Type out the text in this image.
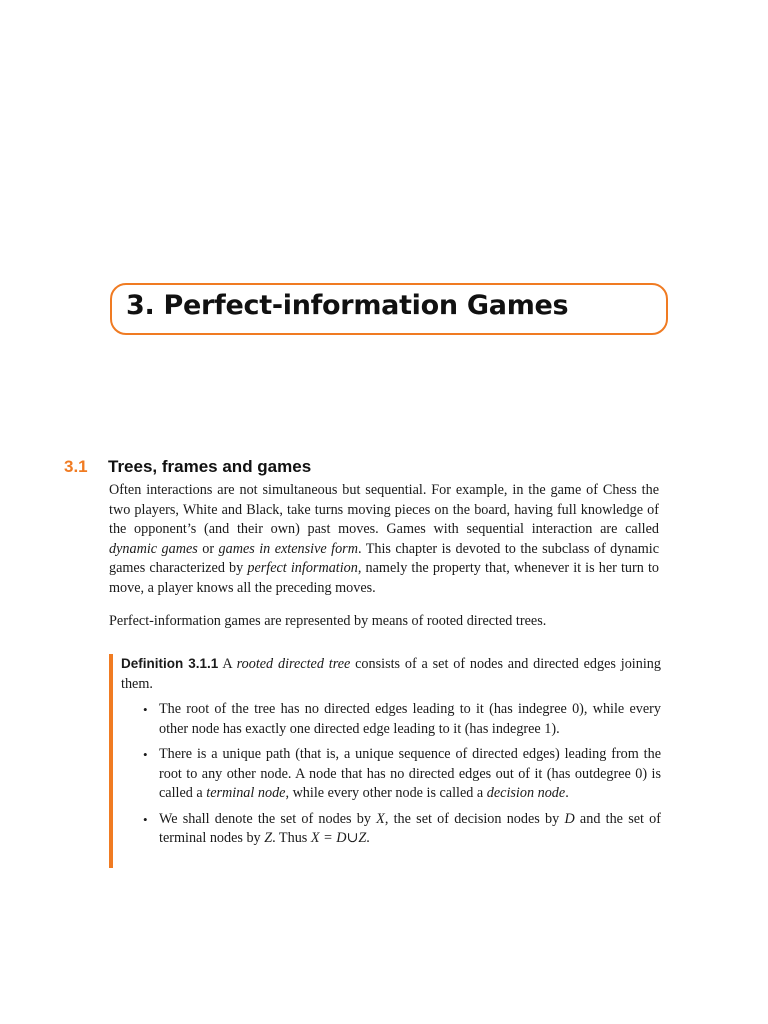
3. Perfect-information Games
3.1 Trees, frames and games

Often interactions are not simultaneous but sequential. For example, in the game of Chess the two players, White and Black, take turns moving pieces on the board, having full knowledge of the opponent’s (and their own) past moves. Games with sequential interaction are called dynamic games or games in extensive form. This chapter is devoted to the subclass of dynamic games characterized by perfect information, namely the property that, whenever it is her turn to move, a player knows all the preceding moves.

Perfect-information games are represented by means of rooted directed trees.

Definition 3.1.1 A rooted directed tree consists of a set of nodes and directed edges joining them.

• The root of the tree has no directed edges leading to it (has indegree 0), while every other node has exactly one directed edge leading to it (has indegree 1).
• There is a unique path (that is, a unique sequence of directed edges) leading from the root to any other node. A node that has no directed edges out of it (has outdegree 0) is called a terminal node, while every other node is called a decision node.
• We shall denote the set of nodes by X, the set of decision nodes by D and the set of terminal nodes by Z. Thus X = D∪Z.
